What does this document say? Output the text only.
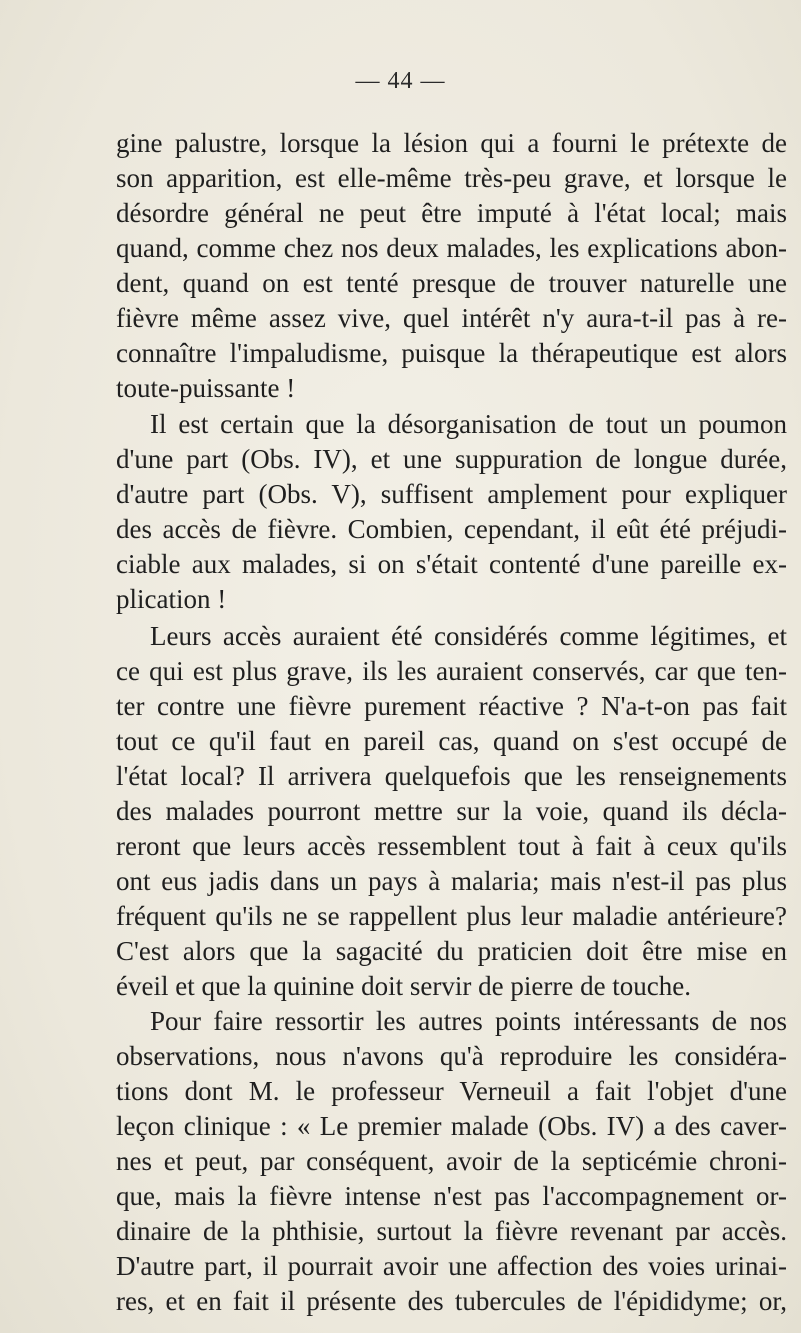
— 44 —
gine palustre, lorsque la lésion qui a fourni le prétexte de
son apparition, est elle-même très-peu grave, et lorsque le
désordre général ne peut être imputé à l'état local; mais
quand, comme chez nos deux malades, les explications abon-
dent, quand on est tenté presque de trouver naturelle une
fièvre même assez vive, quel intérêt n'y aura-t-il pas à re-
connaître l'impaludisme, puisque la thérapeutique est alors
toute-puissante !
Il est certain que la désorganisation de tout un poumon
d'une part (Obs. IV), et une suppuration de longue durée,
d'autre part (Obs. V), suffisent amplement pour expliquer
des accès de fièvre. Combien, cependant, il eût été préjudi-
ciable aux malades, si on s'était contenté d'une pareille ex-
plication !
Leurs accès auraient été considérés comme légitimes, et
ce qui est plus grave, ils les auraient conservés, car que ten-
ter contre une fièvre purement réactive ? N'a-t-on pas fait
tout ce qu'il faut en pareil cas, quand on s'est occupé de
l'état local? Il arrivera quelquefois que les renseignements
des malades pourront mettre sur la voie, quand ils décla-
reront que leurs accès ressemblent tout à fait à ceux qu'ils
ont eus jadis dans un pays à malaria; mais n'est-il pas plus
fréquent qu'ils ne se rappellent plus leur maladie antérieure?
C'est alors que la sagacité du praticien doit être mise en
éveil et que la quinine doit servir de pierre de touche.
Pour faire ressortir les autres points intéressants de nos
observations, nous n'avons qu'à reproduire les considéra-
tions dont M. le professeur Verneuil a fait l'objet d'une
leçon clinique : « Le premier malade (Obs. IV) a des caver-
nes et peut, par conséquent, avoir de la septicémie chroni-
que, mais la fièvre intense n'est pas l'accompagnement or-
dinaire de la phthisie, surtout la fièvre revenant par accès.
D'autre part, il pourrait avoir une affection des voies urinai-
res, et en fait il présente des tubercules de l'épididyme; or,
